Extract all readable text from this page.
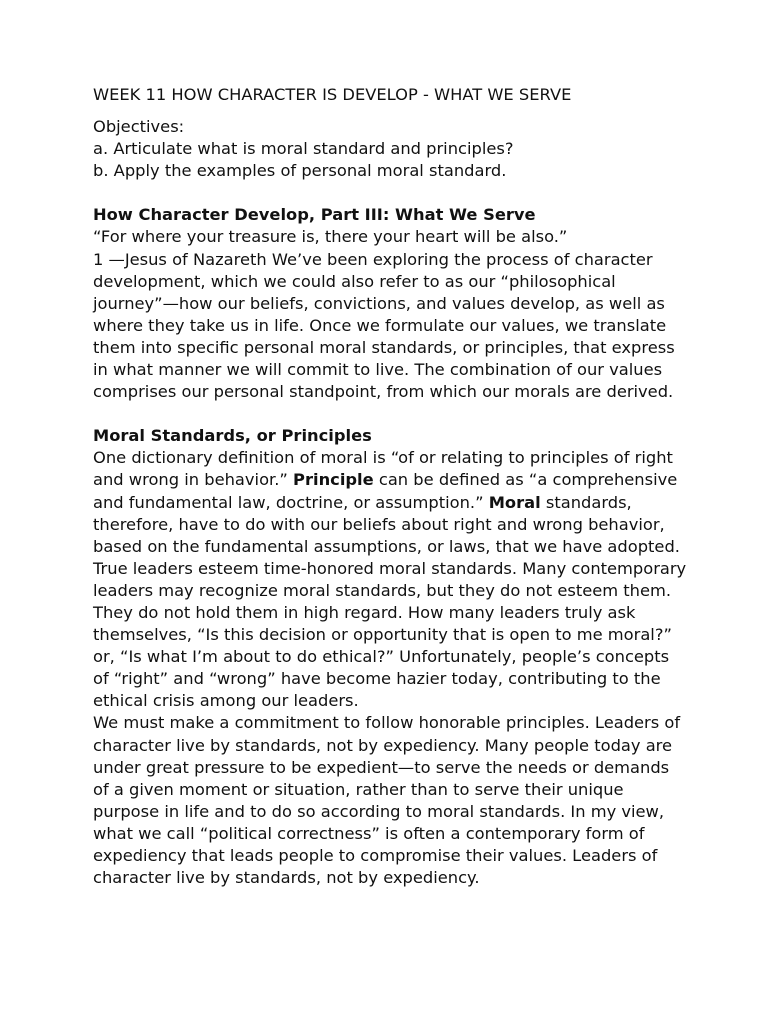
WEEK 11 HOW CHARACTER IS DEVELOP - WHAT WE SERVE
Objectives:
a. Articulate what is moral standard and principles?
b. Apply the examples of personal moral standard.
How Character Develop, Part III: What We Serve
“For where your treasure is, there your heart will be also.”
1 —Jesus of Nazareth We’ve been exploring the process of character
development, which we could also refer to as our “philosophical
journey”—how our beliefs, convictions, and values develop, as well as
where they take us in life. Once we formulate our values, we translate
them into specific personal moral standards, or principles, that express
in what manner we will commit to live. The combination of our values
comprises our personal standpoint, from which our morals are derived.
Moral Standards, or Principles
One dictionary definition of moral is “of or relating to principles of right
and wrong in behavior.” Principle can be defined as “a comprehensive
and fundamental law, doctrine, or assumption.” Moral standards,
therefore, have to do with our beliefs about right and wrong behavior,
based on the fundamental assumptions, or laws, that we have adopted.
True leaders esteem time-honored moral standards. Many contemporary
leaders may recognize moral standards, but they do not esteem them.
They do not hold them in high regard. How many leaders truly ask
themselves, “Is this decision or opportunity that is open to me moral?”
or, “Is what I’m about to do ethical?” Unfortunately, people’s concepts
of “right” and “wrong” have become hazier today, contributing to the
ethical crisis among our leaders.
We must make a commitment to follow honorable principles. Leaders of
character live by standards, not by expediency. Many people today are
under great pressure to be expedient—to serve the needs or demands
of a given moment or situation, rather than to serve their unique
purpose in life and to do so according to moral standards. In my view,
what we call “political correctness” is often a contemporary form of
expediency that leads people to compromise their values. Leaders of
character live by standards, not by expediency.
